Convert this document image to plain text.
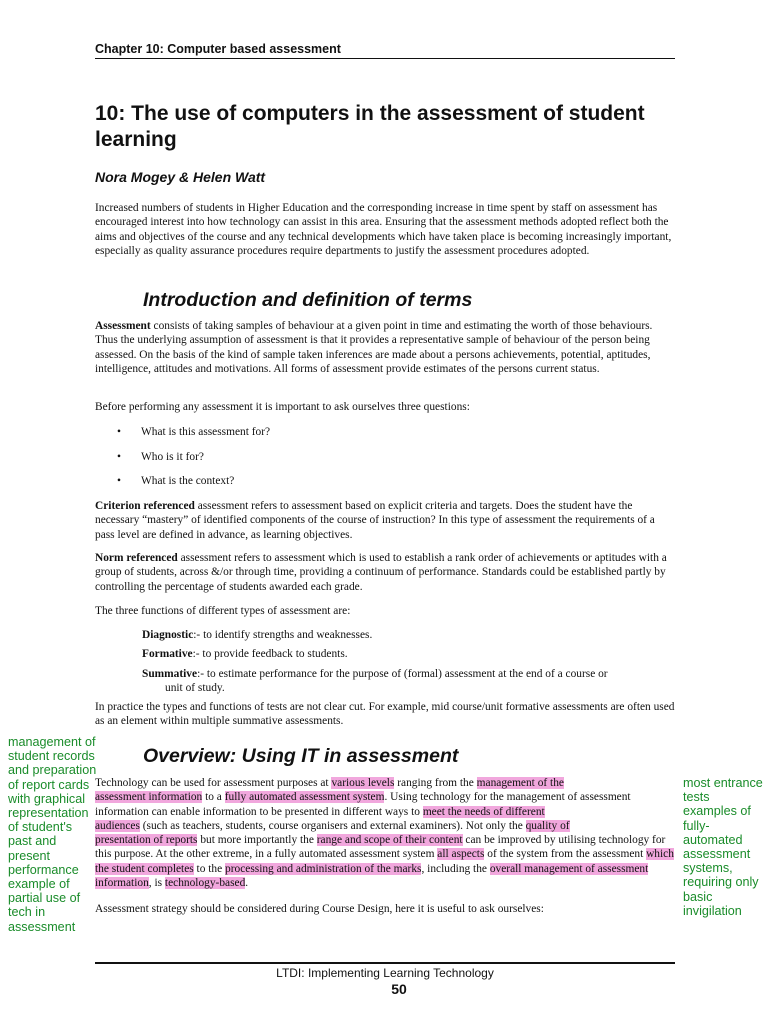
Chapter 10: Computer based assessment
10: The use of computers in the assessment of student learning
Nora Mogey & Helen Watt

Increased numbers of students in Higher Education and the corresponding increase in time spent by staff on assessment has encouraged interest into how technology can assist in this area. Ensuring that the assessment methods adopted reflect both the aims and objectives of the course and any technical developments which have taken place is becoming increasingly important, especially as quality assurance procedures require departments to justify the assessment procedures adopted.

Introduction and definition of terms

Assessment consists of taking samples of behaviour at a given point in time and estimating the worth of those behaviours. Thus the underlying assumption of assessment is that it provides a representative sample of behaviour of the person being assessed. On the basis of the kind of sample taken inferences are made about a persons achievements, potential, aptitudes, intelligence, attitudes and motivations. All forms of assessment provide estimates of the persons current status.

Before performing any assessment it is important to ask ourselves three questions:

• What is this assessment for?
• Who is it for?
• What is the context?

Criterion referenced assessment refers to assessment based on explicit criteria and targets. Does the student have the necessary “mastery” of identified components of the course of instruction? In this type of assessment the requirements of a pass level are defined in advance, as learning objectives.

Norm referenced assessment refers to assessment which is used to establish a rank order of achievements or aptitudes with a group of students, across &/or through time, providing a continuum of performance. Standards could be established partly by controlling the percentage of students awarded each grade.

The three functions of different types of assessment are:

Diagnostic:- to identify strengths and weaknesses.
Formative:- to provide feedback to students.
Summative:- to estimate performance for the purpose of (formal) assessment at the end of a course or
unit of study.

In practice the types and functions of tests are not clear cut. For example, mid course/unit formative assessments are often used as an element within multiple summative assessments.

management of student records and preparation of report cards with graphical representation of student's past and present performance example of partial use of tech in assessment
Overview: Using IT in assessment

Technology can be used for assessment purposes at various levels ranging from the management of the
assessment information to a fully automated assessment system. Using technology for the management of assessment information can enable information to be presented in different ways to meet the needs of different
audiences (such as teachers, students, course organisers and external examiners). Not only the quality of
presentation of reports but more importantly the range and scope of their content can be improved by utilising technology for this purpose. At the other extreme, in a fully automated assessment system all aspects of the system from the assessment which the student completes to the processing and administration of the marks, including the overall management of assessment information, is technology-based.

Assessment strategy should be considered during Course Design, here it is useful to ask ourselves:

most entrance tests examples of fully-automated assessment systems, requiring only basic invigilation
LTDI: Implementing Learning Technology
50
